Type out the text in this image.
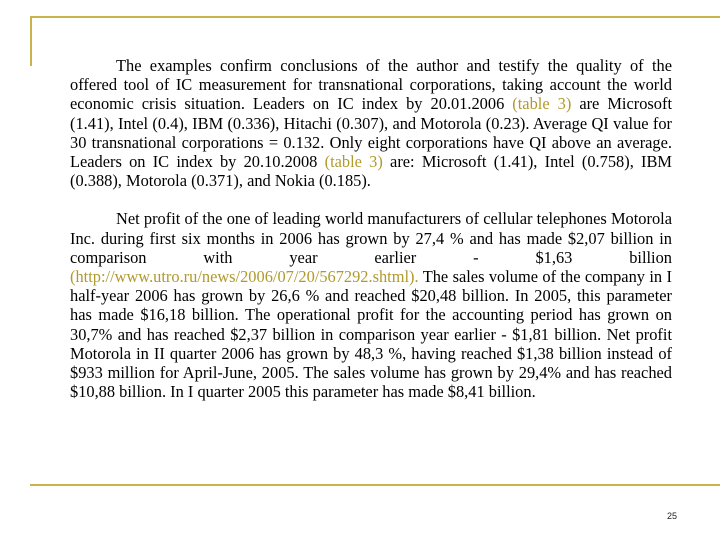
The examples confirm conclusions of the author and testify the quality of the offered tool of IC measurement for transnational corporations, taking account the world economic crisis situation. Leaders on IC index by 20.01.2006 (table 3) are Microsoft (1.41), Intel (0.4), IBM (0.336), Hitachi (0.307), and Motorola (0.23). Average QI value for 30 transnational corporations = 0.132. Only eight corporations have QI above an average. Leaders on IC index by 20.10.2008 (table 3) are: Microsoft (1.41), Intel (0.758), IBM (0.388), Motorola (0.371), and Nokia (0.185).

Net profit of the one of leading world manufacturers of cellular telephones Motorola Inc. during first six months in 2006 has grown by 27,4 % and has made $2,07 billion in comparison with year earlier - $1,63 billion (http://www.utro.ru/news/2006/07/20/567292.shtml). The sales volume of the company in I half-year 2006 has grown by 26,6 % and reached $20,48 billion. In 2005, this parameter has made $16,18 billion. The operational profit for the accounting period has grown on 30,7% and has reached $2,37 billion in comparison year earlier - $1,81 billion. Net profit Motorola in II quarter 2006 has grown by 48,3 %, having reached $1,38 billion instead of $933 million for April-June, 2005. The sales volume has grown by 29,4% and has reached $10,88 billion. In I quarter 2005 this parameter has made $8,41 billion.

25
